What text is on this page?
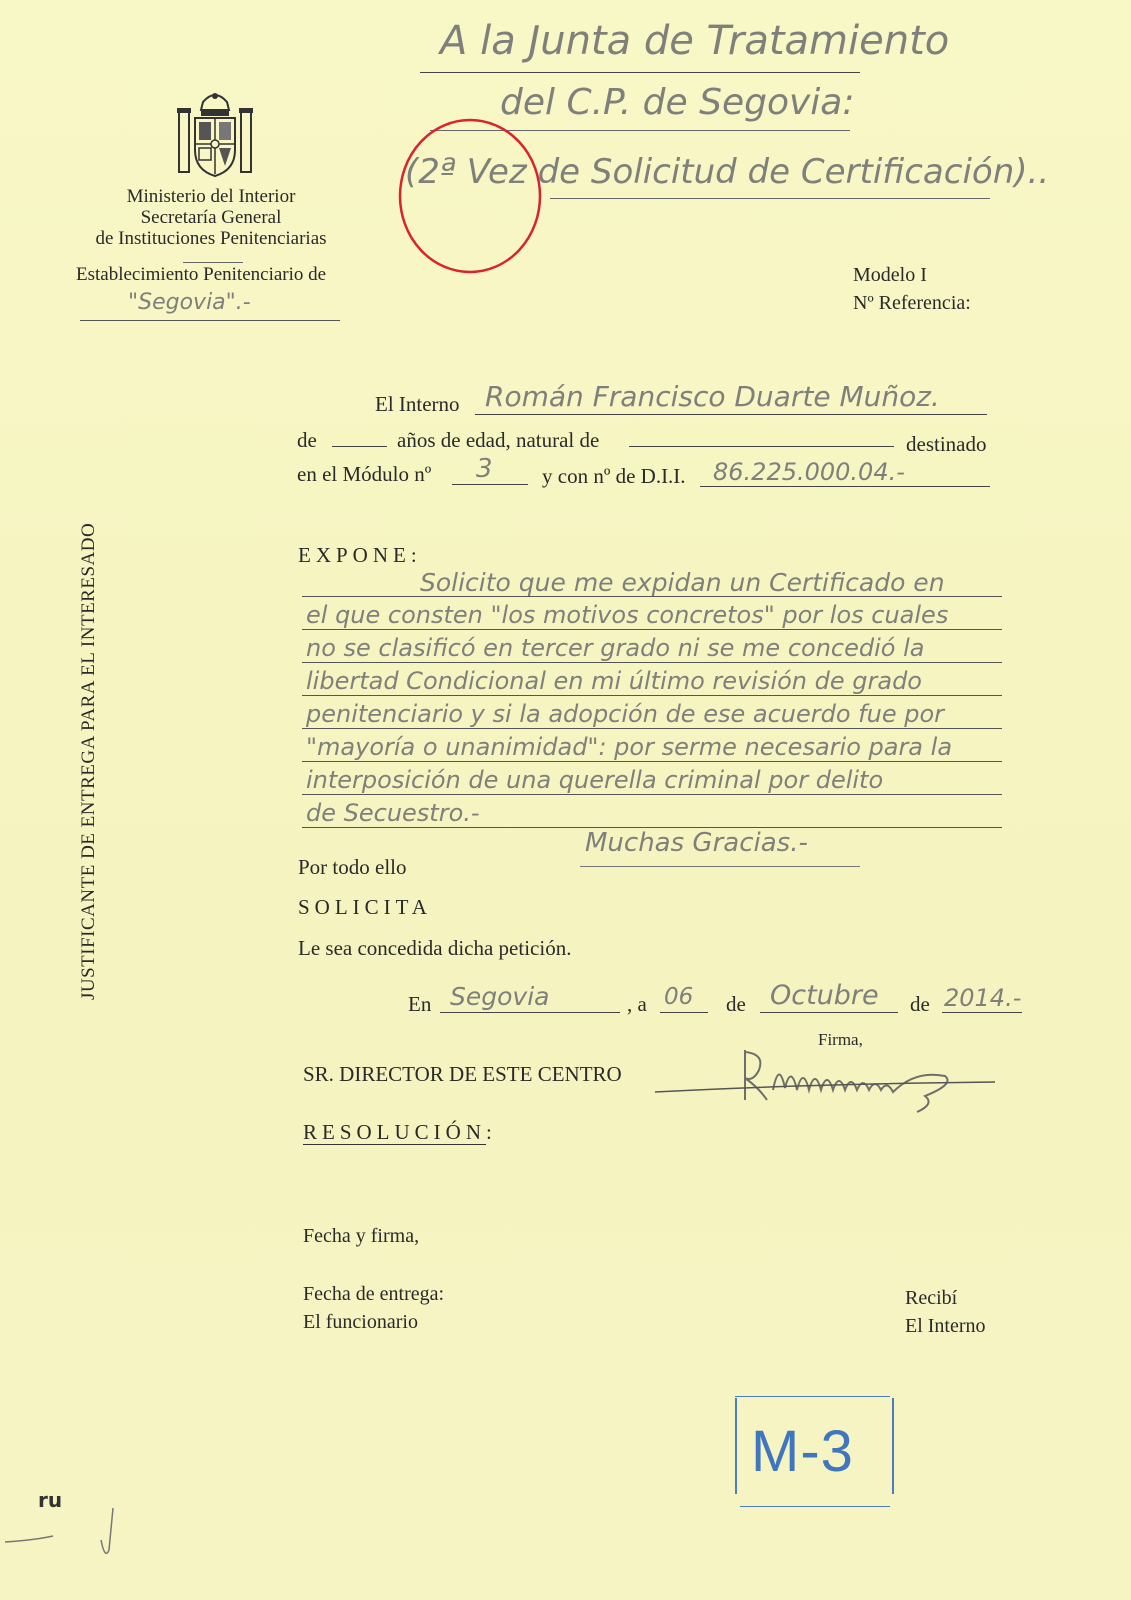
A la Junta de Tratamiento
del C.P. de Segovia:
(2ª Vez de Solicitud de Certificación)..
Ministerio del Interior
Secretaría General
de Instituciones Penitenciarias
Establecimiento Penitenciario de
"Segovia".-
Modelo I
Nº Referencia:
JUSTIFICANTE DE ENTREGA PARA EL INTERESADO
El Interno Román Francisco Duarte Muñoz.
de	años de edad, natural de	destinado
en el Módulo nº 3 y con nº de D.I.I. 86.225.000.04.-
EXPONE:
Solicito que me expidan un Certificado en
el que consten "los motivos concretos" por los cuales
no se clasificó en tercer grado ni se me concedió la
libertad Condicional en mi último revisión de grado
penitenciario y si la adopción de ese acuerdo fue por
"mayoría o unanimidad": por serme necesario para la
interposición de una querella criminal por delito
de Secuestro.-
Muchas Gracias.-
Por todo ello
SOLICITA
Le sea concedida dicha petición.
En Segovia	, a 06 de Octubre de 2014.-
Firma,
SR. DIRECTOR DE ESTE CENTRO
RESOLUCIÓN:
Fecha y firma,
Fecha de entrega:
El funcionario
Recibí
El Interno
M-3
ru
